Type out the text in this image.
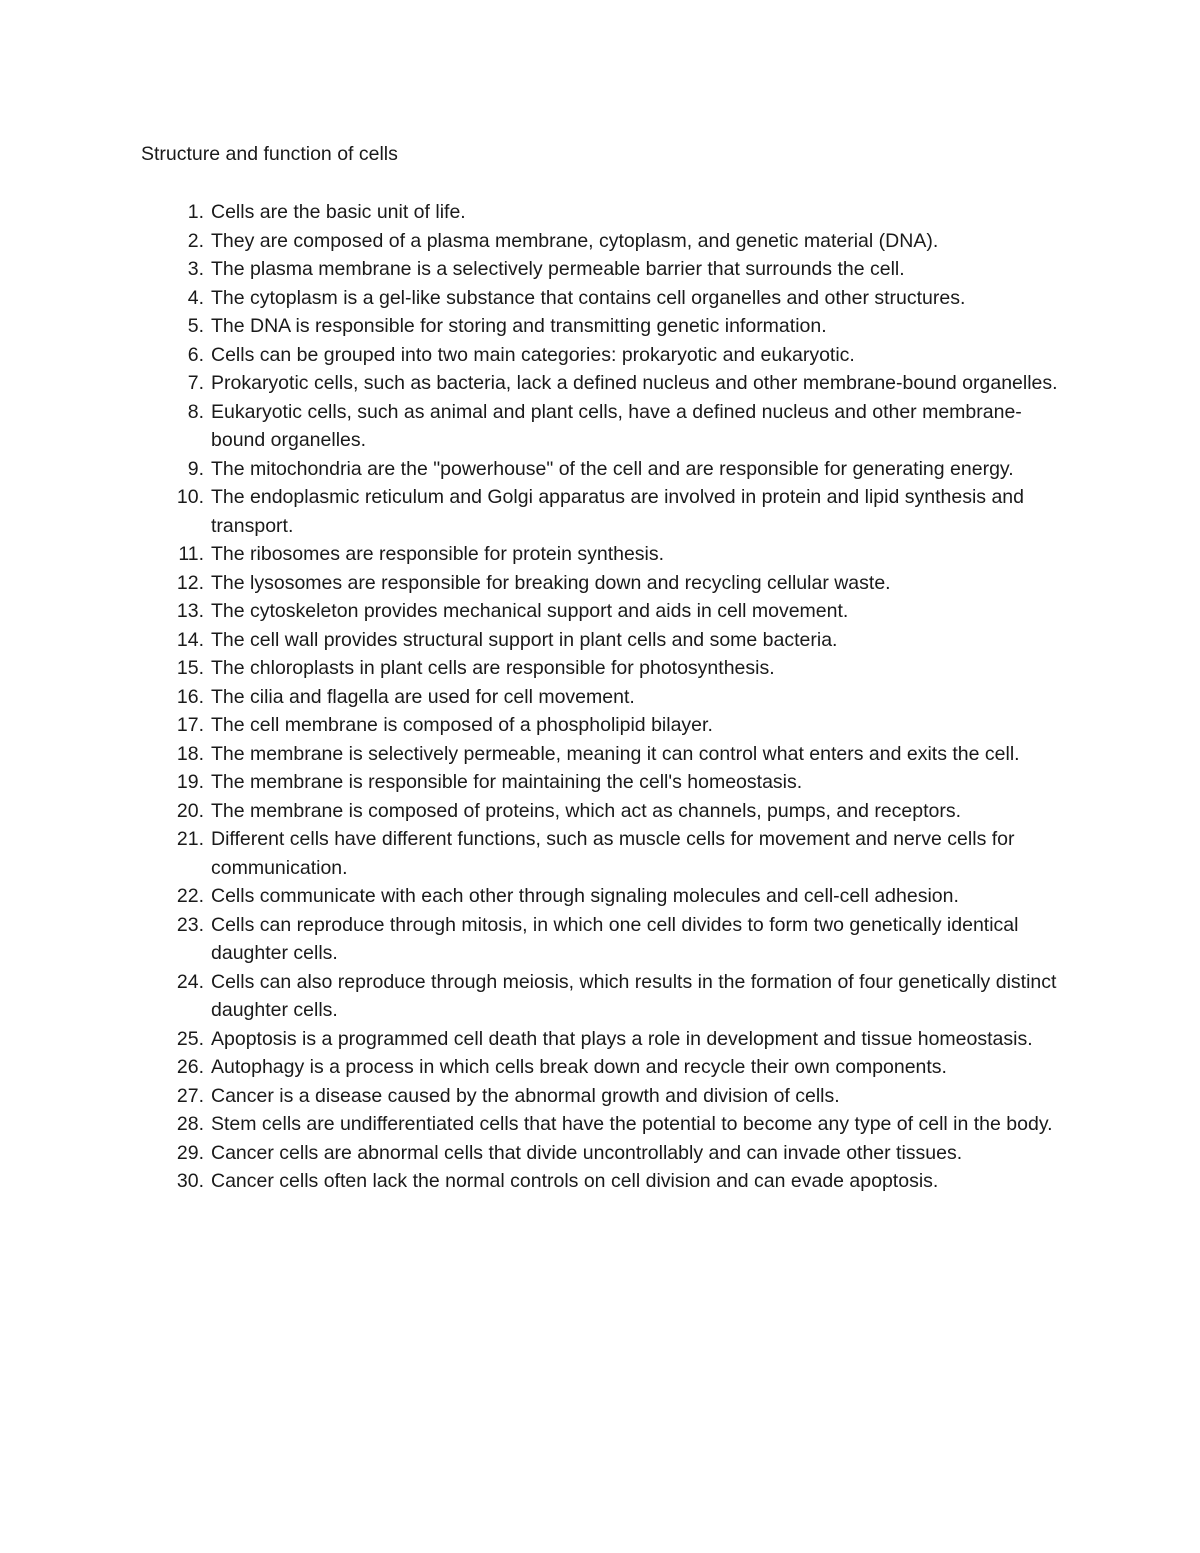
Structure and function of cells
1. Cells are the basic unit of life.
2. They are composed of a plasma membrane, cytoplasm, and genetic material (DNA).
3. The plasma membrane is a selectively permeable barrier that surrounds the cell.
4. The cytoplasm is a gel-like substance that contains cell organelles and other structures.
5. The DNA is responsible for storing and transmitting genetic information.
6. Cells can be grouped into two main categories: prokaryotic and eukaryotic.
7. Prokaryotic cells, such as bacteria, lack a defined nucleus and other membrane-bound organelles.
8. Eukaryotic cells, such as animal and plant cells, have a defined nucleus and other membrane-bound organelles.
9. The mitochondria are the "powerhouse" of the cell and are responsible for generating energy.
10. The endoplasmic reticulum and Golgi apparatus are involved in protein and lipid synthesis and transport.
11. The ribosomes are responsible for protein synthesis.
12. The lysosomes are responsible for breaking down and recycling cellular waste.
13. The cytoskeleton provides mechanical support and aids in cell movement.
14. The cell wall provides structural support in plant cells and some bacteria.
15. The chloroplasts in plant cells are responsible for photosynthesis.
16. The cilia and flagella are used for cell movement.
17. The cell membrane is composed of a phospholipid bilayer.
18. The membrane is selectively permeable, meaning it can control what enters and exits the cell.
19. The membrane is responsible for maintaining the cell's homeostasis.
20. The membrane is composed of proteins, which act as channels, pumps, and receptors.
21. Different cells have different functions, such as muscle cells for movement and nerve cells for communication.
22. Cells communicate with each other through signaling molecules and cell-cell adhesion.
23. Cells can reproduce through mitosis, in which one cell divides to form two genetically identical daughter cells.
24. Cells can also reproduce through meiosis, which results in the formation of four genetically distinct daughter cells.
25. Apoptosis is a programmed cell death that plays a role in development and tissue homeostasis.
26. Autophagy is a process in which cells break down and recycle their own components.
27. Cancer is a disease caused by the abnormal growth and division of cells.
28. Stem cells are undifferentiated cells that have the potential to become any type of cell in the body.
29. Cancer cells are abnormal cells that divide uncontrollably and can invade other tissues.
30. Cancer cells often lack the normal controls on cell division and can evade apoptosis.
